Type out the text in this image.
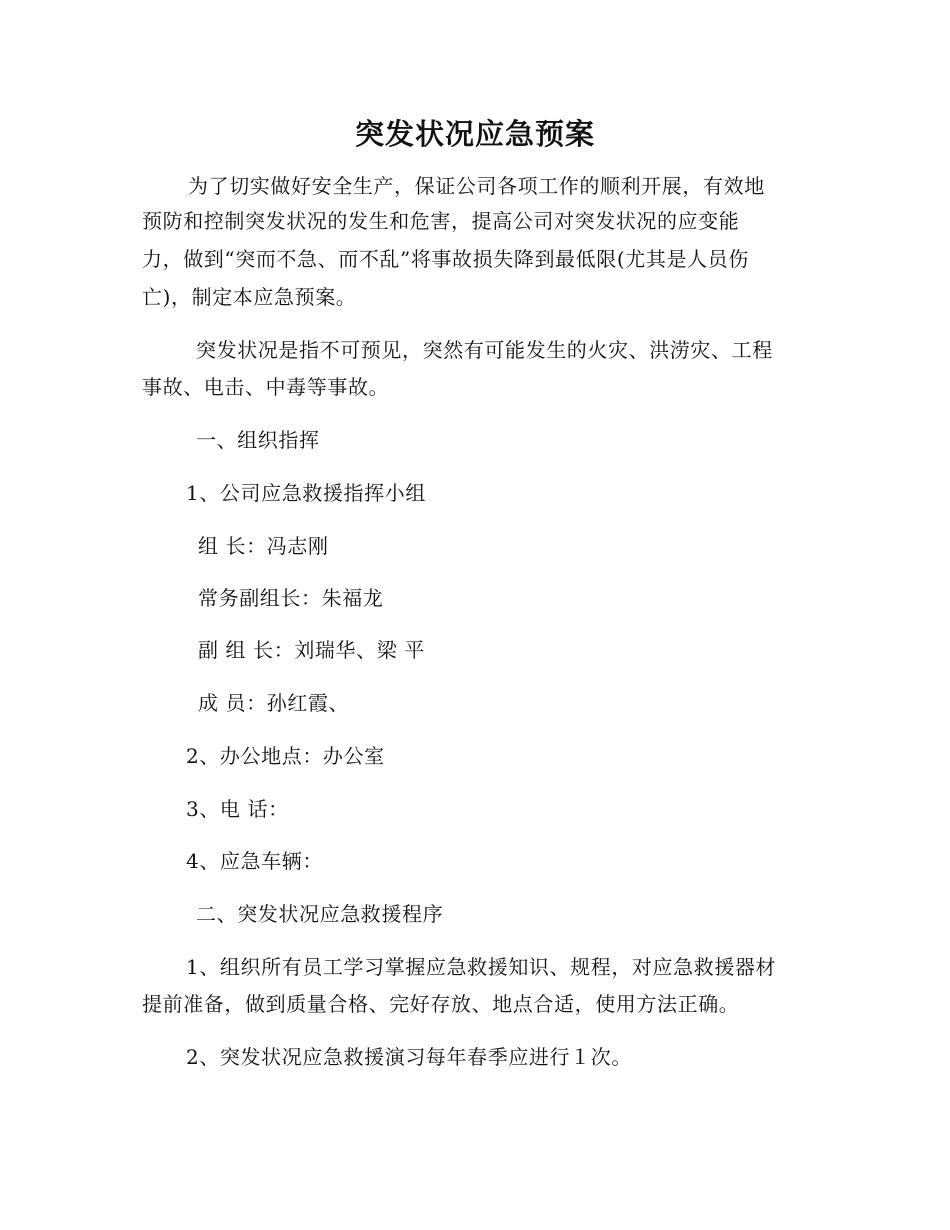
突发状况应急预案
为了切实做好安全生产，保证公司各项工作的顺利开展，有效地
预防和控制突发状况的发生和危害，提高公司对突发状况的应变能
力，做到“突而不急、而不乱”将事故损失降到最低限(尤其是人员伤
亡)，制定本应急预案。
突发状况是指不可预见，突然有可能发生的火灾、洪涝灾、工程
事故、电击、中毒等事故。
一、组织指挥
1、公司应急救援指挥小组
组 长：冯志刚
常务副组长：朱福龙
副 组 长：刘瑞华、梁 平
成 员：孙红霞、
2、办公地点：办公室
3、电 话：
4、应急车辆：
二、突发状况应急救援程序
1、组织所有员工学习掌握应急救援知识、规程，对应急救援器材
提前准备，做到质量合格、完好存放、地点合适，使用方法正确。
2、突发状况应急救援演习每年春季应进行１次。
